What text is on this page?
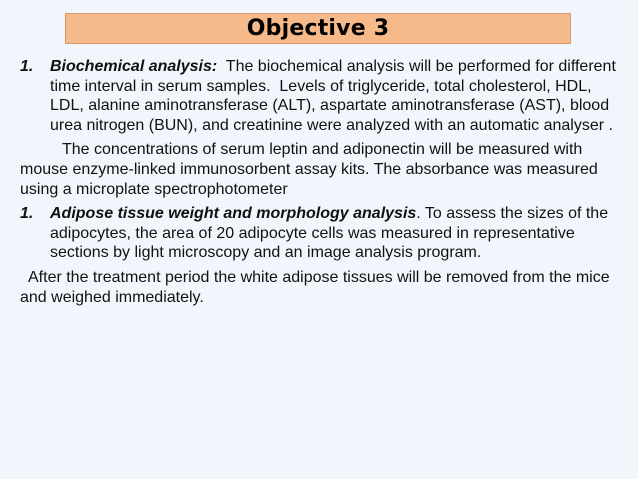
Objective 3
1.	Biochemical analysis:  The biochemical analysis will be performed for different time interval in serum samples.  Levels of triglyceride, total cholesterol, HDL, LDL, alanine aminotransferase (ALT), aspartate aminotransferase (AST), blood urea nitrogen (BUN), and creatinine were analyzed with an automatic analyser .

The concentrations of serum leptin and adiponectin will be measured with mouse enzyme-linked immunosorbent assay kits. The absorbance was measured using a microplate spectrophotometer

1.	Adipose tissue weight and morphology analysis. To assess the sizes of the adipocytes, the area of 20 adipocyte cells was measured in representative sections by light microscopy and an image analysis program.

After the treatment period the white adipose tissues will be removed from the mice and weighed immediately.
